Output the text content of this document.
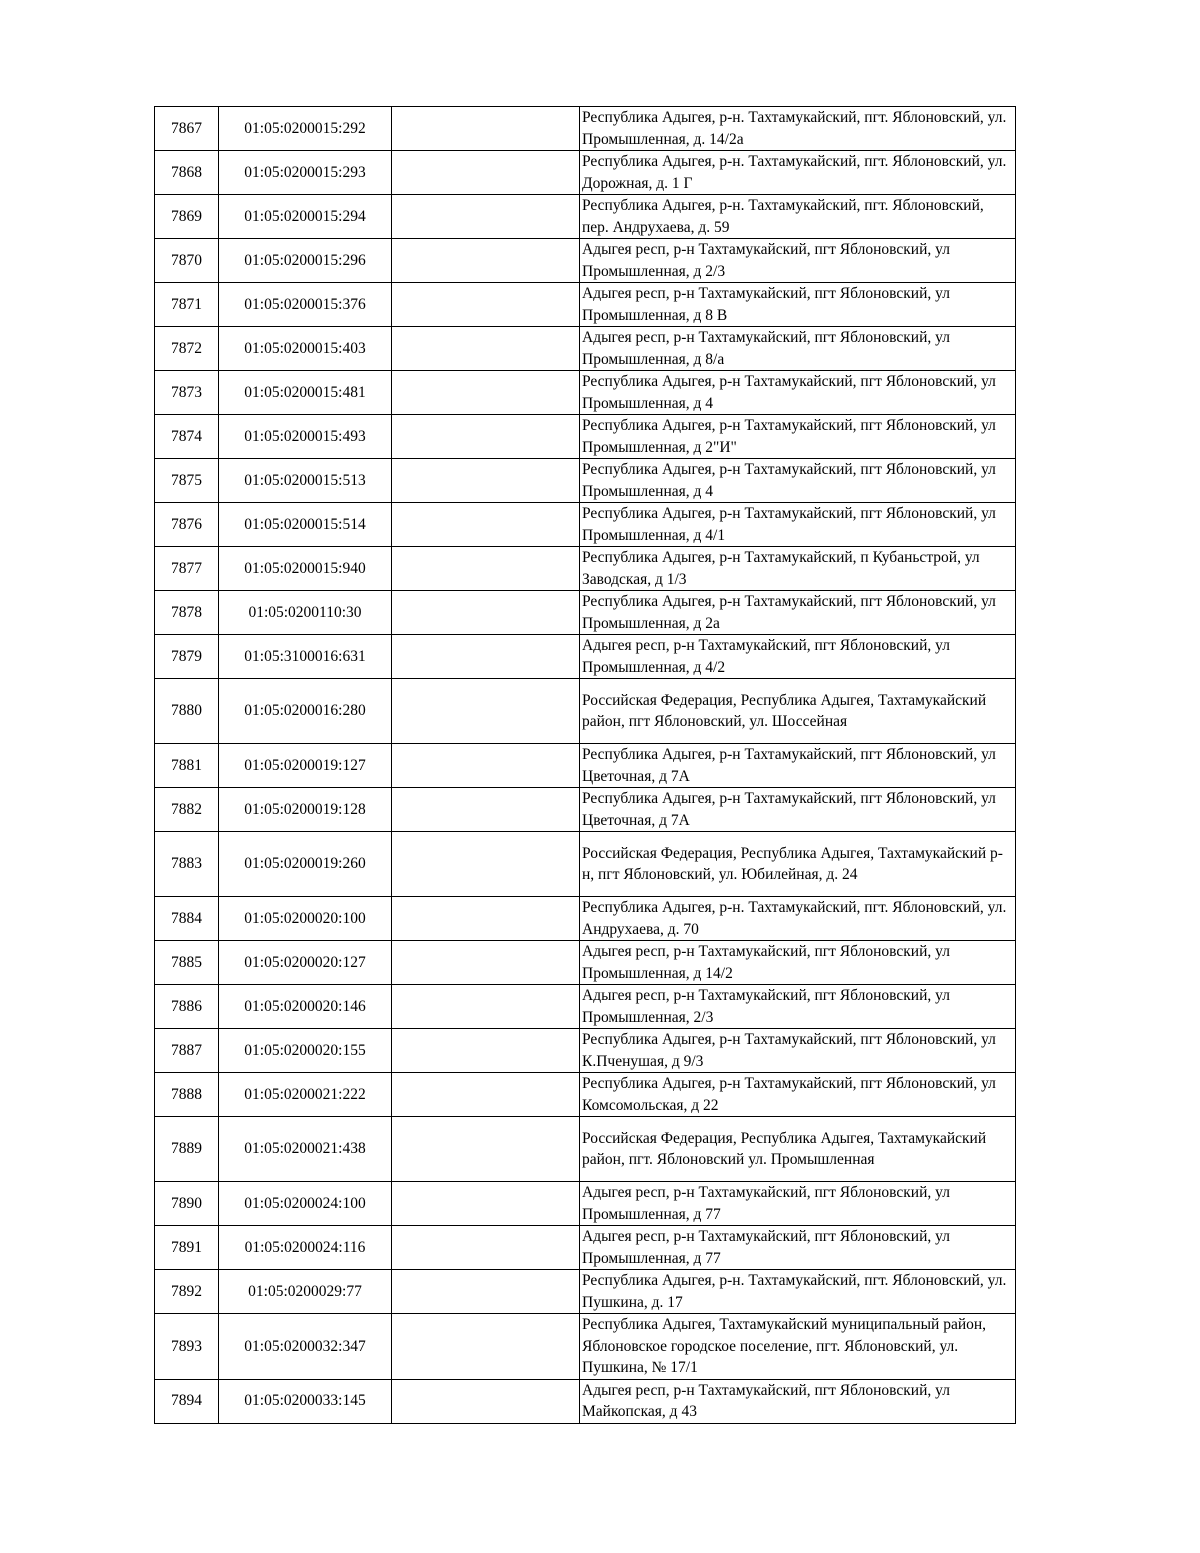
7867	01:05:0200015:292		Республика Адыгея, р-н. Тахтамукайский, пгт. Яблоновский, ул. Промышленная, д. 14/2а
7868	01:05:0200015:293		Республика Адыгея, р-н. Тахтамукайский, пгт. Яблоновский, ул. Дорожная, д. 1 Г
7869	01:05:0200015:294		Республика Адыгея, р-н. Тахтамукайский, пгт. Яблоновский, пер. Андрухаева, д. 59
7870	01:05:0200015:296		Адыгея респ, р-н Тахтамукайский, пгт Яблоновский, ул Промышленная, д 2/3
7871	01:05:0200015:376		Адыгея респ, р-н Тахтамукайский, пгт Яблоновский, ул Промышленная, д 8 В
7872	01:05:0200015:403		Адыгея респ, р-н Тахтамукайский, пгт Яблоновский, ул Промышленная, д 8/а
7873	01:05:0200015:481		Республика Адыгея, р-н Тахтамукайский, пгт Яблоновский, ул Промышленная, д 4
7874	01:05:0200015:493		Республика Адыгея, р-н Тахтамукайский, пгт Яблоновский, ул Промышленная, д 2"И"
7875	01:05:0200015:513		Республика Адыгея, р-н Тахтамукайский, пгт Яблоновский, ул Промышленная, д 4
7876	01:05:0200015:514		Республика Адыгея, р-н Тахтамукайский, пгт Яблоновский, ул Промышленная, д 4/1
7877	01:05:0200015:940		Республика Адыгея, р-н Тахтамукайский, п Кубаньстрой, ул Заводская, д 1/3
7878	01:05:0200110:30		Республика Адыгея, р-н Тахтамукайский, пгт Яблоновский, ул Промышленная, д 2а
7879	01:05:3100016:631		Адыгея респ, р-н Тахтамукайский, пгт Яблоновский, ул Промышленная, д 4/2
7880	01:05:0200016:280		Российская Федерация, Республика Адыгея, Тахтамукайский район, пгт Яблоновский, ул. Шоссейная
7881	01:05:0200019:127		Республика Адыгея, р-н Тахтамукайский, пгт Яблоновский, ул Цветочная, д 7А
7882	01:05:0200019:128		Республика Адыгея, р-н Тахтамукайский, пгт Яблоновский, ул Цветочная, д 7А
7883	01:05:0200019:260		Российская Федерация, Республика Адыгея, Тахтамукайский р-н, пгт Яблоновский, ул. Юбилейная, д. 24
7884	01:05:0200020:100		Республика Адыгея, р-н. Тахтамукайский, пгт. Яблоновский, ул. Андрухаева, д. 70
7885	01:05:0200020:127		Адыгея респ, р-н Тахтамукайский, пгт Яблоновский, ул Промышленная, д 14/2
7886	01:05:0200020:146		Адыгея респ, р-н Тахтамукайский, пгт Яблоновский, ул Промышленная, 2/3
7887	01:05:0200020:155		Республика Адыгея, р-н Тахтамукайский, пгт Яблоновский, ул К.Пченушая, д 9/3
7888	01:05:0200021:222		Республика Адыгея, р-н Тахтамукайский, пгт Яблоновский, ул Комсомольская, д 22
7889	01:05:0200021:438		Российская Федерация, Республика Адыгея, Тахтамукайский район, пгт. Яблоновский ул. Промышленная
7890	01:05:0200024:100		Адыгея респ, р-н Тахтамукайский, пгт Яблоновский, ул Промышленная, д 77
7891	01:05:0200024:116		Адыгея респ, р-н Тахтамукайский, пгт Яблоновский, ул Промышленная, д 77
7892	01:05:0200029:77		Республика Адыгея, р-н. Тахтамукайский, пгт. Яблоновский, ул. Пушкина, д. 17
7893	01:05:0200032:347		Республика Адыгея, Тахтамукайский муниципальный район, Яблоновское городское поселение, пгт. Яблоновский, ул. Пушкина, № 17/1
7894	01:05:0200033:145		Адыгея респ, р-н Тахтамукайский, пгт Яблоновский, ул Майкопская, д 43
